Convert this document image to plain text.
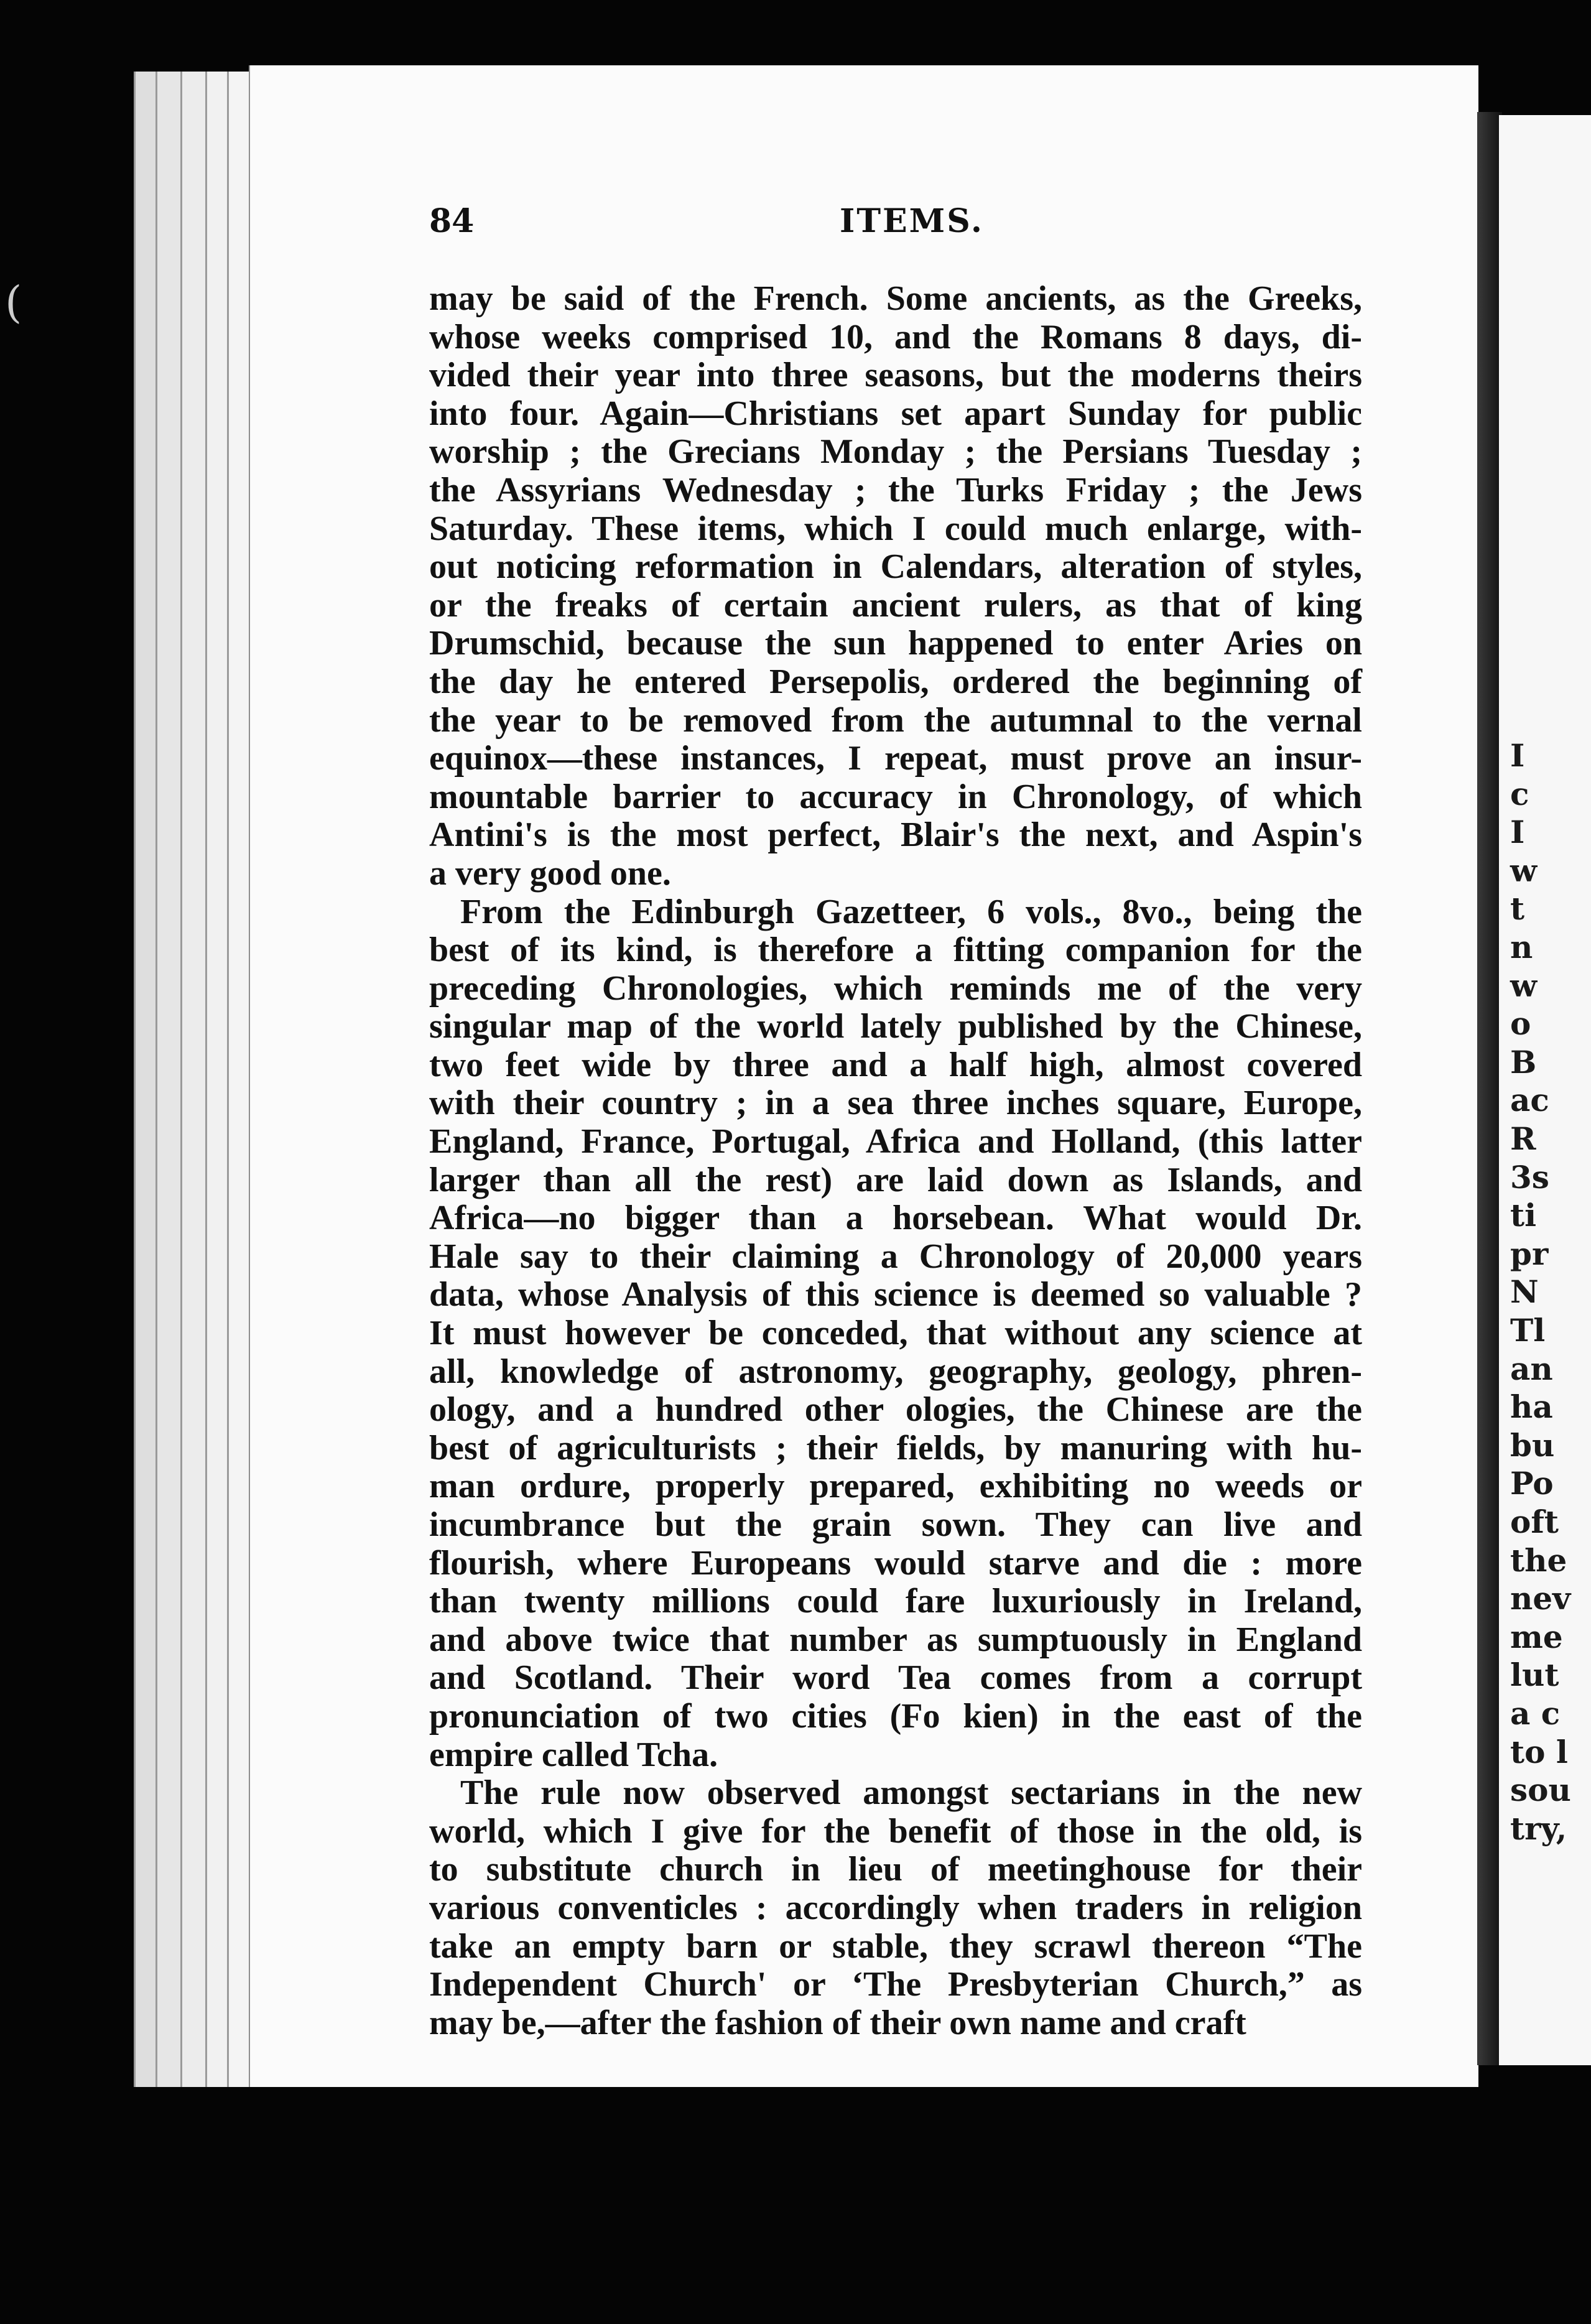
I
c
I
w
t
n
w
o
B
ac
R
3s
ti
pr
N
Tl
an
ha
bu
Po
oft
the
nev
me
lut
a c
to l
sou
try,
(
84	ITEMS.
may be said of the French. Some ancients, as the Greeks,
whose weeks comprised 10, and the Romans 8 days, di-
vided their year into three seasons, but the moderns theirs
into four. Again—Christians set apart Sunday for public
worship ; the Grecians Monday ; the Persians Tuesday ;
the Assyrians Wednesday ; the Turks Friday ; the Jews
Saturday. These items, which I could much enlarge, with-
out noticing reformation in Calendars, alteration of styles,
or the freaks of certain ancient rulers, as that of king
Drumschid, because the sun happened to enter Aries on
the day he entered Persepolis, ordered the beginning of
the year to be removed from the autumnal to the vernal
equinox—these instances, I repeat, must prove an insur-
mountable barrier to accuracy in Chronology, of which
Antini's is the most perfect, Blair's the next, and Aspin's
a very good one.
From the Edinburgh Gazetteer, 6 vols., 8vo., being the
best of its kind, is therefore a fitting companion for the
preceding Chronologies, which reminds me of the very
singular map of the world lately published by the Chinese,
two feet wide by three and a half high, almost covered
with their country ; in a sea three inches square, Europe,
England, France, Portugal, Africa and Holland, (this latter
larger than all the rest) are laid down as Islands, and
Africa—no bigger than a horsebean. What would Dr.
Hale say to their claiming a Chronology of 20,000 years
data, whose Analysis of this science is deemed so valuable ?
It must however be conceded, that without any science at
all, knowledge of astronomy, geography, geology, phren-
ology, and a hundred other ologies, the Chinese are the
best of agriculturists ; their fields, by manuring with hu-
man ordure, properly prepared, exhibiting no weeds or
incumbrance but the grain sown. They can live and
flourish, where Europeans would starve and die : more
than twenty millions could fare luxuriously in Ireland,
and above twice that number as sumptuously in England
and Scotland. Their word Tea comes from a corrupt
pronunciation of two cities (Fo kien) in the east of the
empire called Tcha.
The rule now observed amongst sectarians in the new
world, which I give for the benefit of those in the old, is
to substitute church in lieu of meetinghouse for their
various conventicles : accordingly when traders in religion
take an empty barn or stable, they scrawl thereon “The
Independent Church' or ‘The Presbyterian Church,” as
may be,—after the fashion of their own name and craft
